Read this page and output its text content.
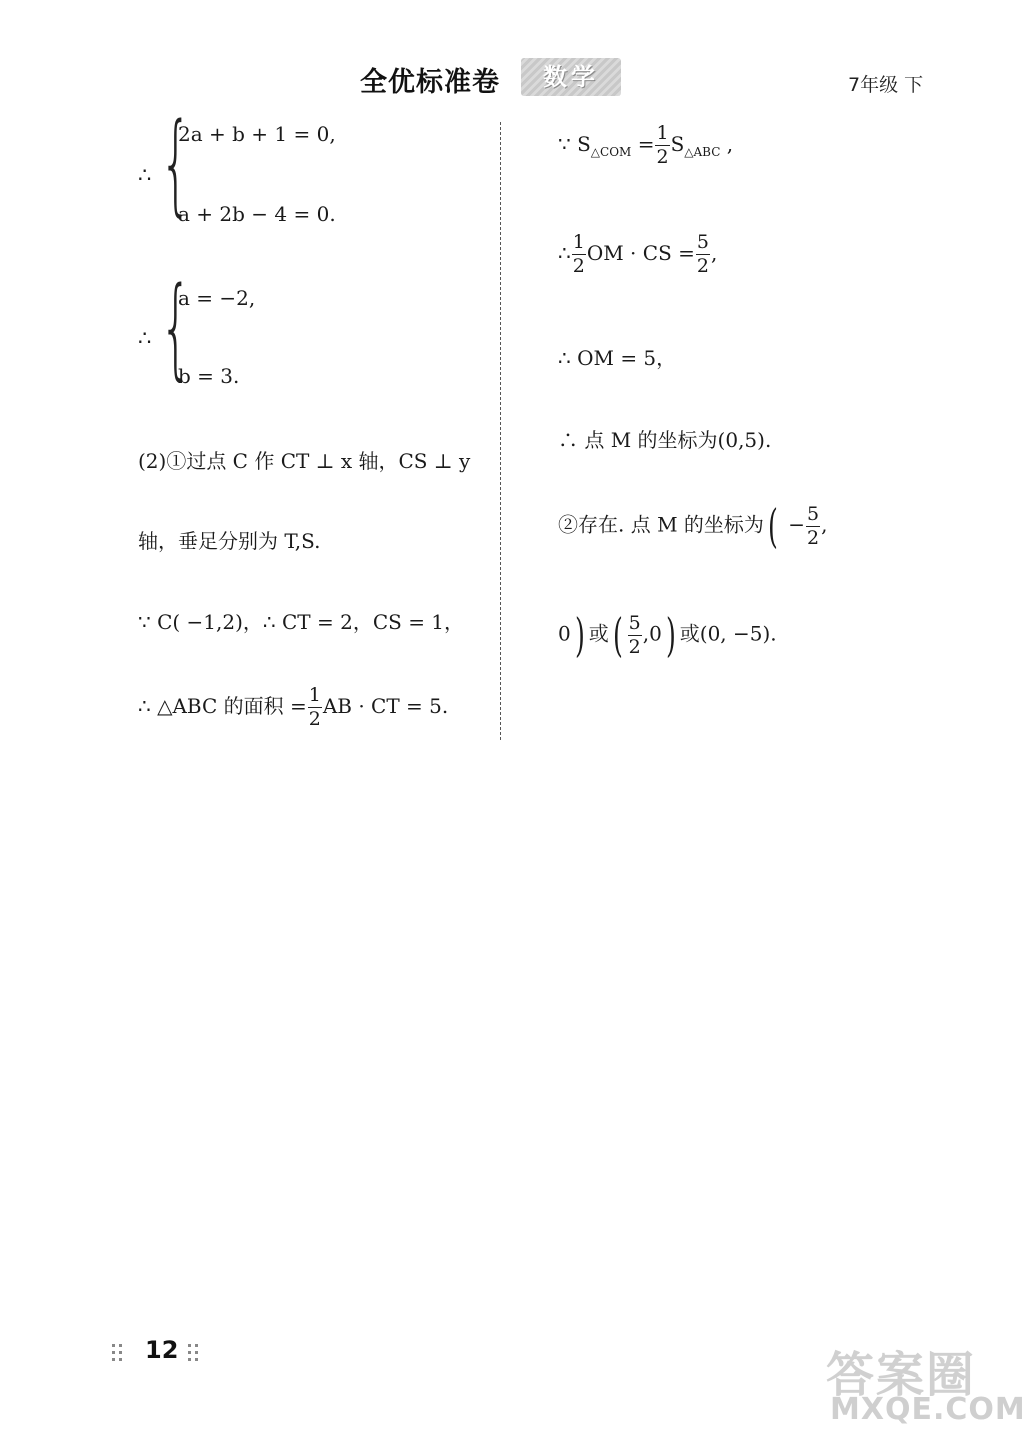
全优标准卷	数学	7年级 下
∴ {
2a + b + 1 = 0,
a + 2b − 4 = 0.
∴ {
a = −2,
b = 3.
(2)①过点 C 作 CT ⊥ x 轴，CS ⊥ y
轴，垂足分别为 T,S.
∵ C( −1,2)，∴ CT = 2，CS = 1，
∴ △ABC 的面积 = $\frac{1}{2}$ AB · CT = 5.
∵ $S_{\triangle COM} = \frac{1}{2} S_{\triangle ABC}$ ,
∴ $\frac{1}{2}$ OM · CS = $\frac{5}{2}$ ,
∴ OM = 5，
∴ 点 M 的坐标为(0,5).
②存在. 点 M 的坐标为( − $\frac{5}{2}$ ,
0) 或( $\frac{5}{2} ,0$) 或(0, −5).
12	答案圈
MXQE.COM
